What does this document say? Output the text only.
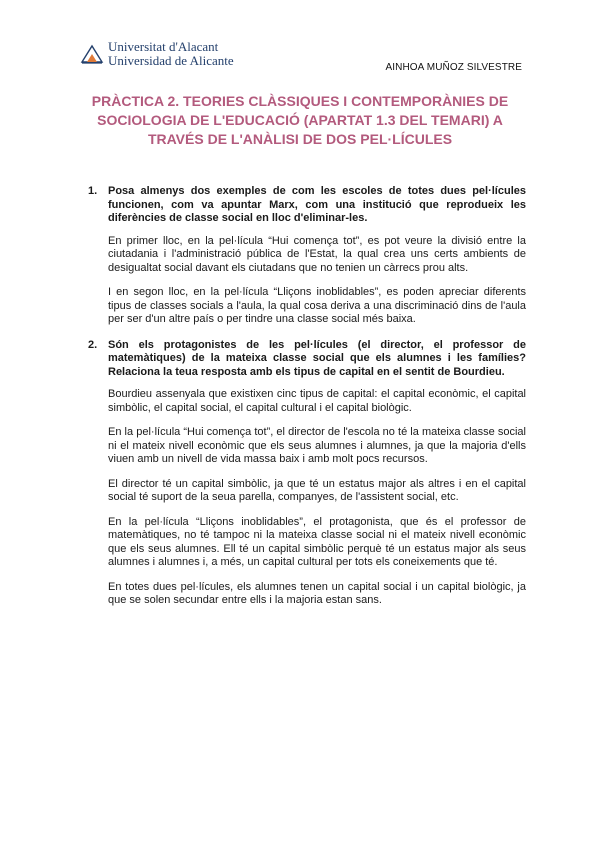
Universitat d'Alacant
Universidad de Alicante	AINHOA MUÑOZ SILVESTRE
PRÀCTICA 2. TEORIES CLÀSSIQUES I CONTEMPORÀNIES DE
SOCIOLOGIA DE L'EDUCACIÓ (APARTAT 1.3 DEL TEMARI) A
TRAVÉS DE L'ANÀLISI DE DOS PEL·LÍCULES
1. Posa almenys dos exemples de com les escoles de totes dues pel·lícules funcionen, com va apuntar Marx, com una institució que reprodueix les diferències de classe social en lloc d'eliminar-les.

En primer lloc, en la pel·lícula “Hui comença tot”, es pot veure la divisió entre la ciutadania i l'administració pública de l'Estat, la qual crea uns certs ambients de desigualtat social davant els ciutadans que no tenien un càrrecs prou alts.

I en segon lloc, en la pel·lícula “Lliçons inoblidables”, es poden apreciar diferents tipus de classes socials a l'aula, la qual cosa deriva a una discriminació dins de l'aula per ser d'un altre país o per tindre una classe social més baixa.

2. Són els protagonistes de les pel·lícules (el director, el professor de matemàtiques) de la mateixa classe social que els alumnes i les famílies? Relaciona la teua resposta amb els tipus de capital en el sentit de Bourdieu.

Bourdieu assenyala que existixen cinc tipus de capital: el capital econòmic, el capital simbòlic, el capital social, el capital cultural i el capital biològic.

En la pel·lícula “Hui comença tot”, el director de l'escola no té la mateixa classe social ni el mateix nivell econòmic que els seus alumnes i alumnes, ja que la majoria d'ells viuen amb un nivell de vida massa baix i amb molt pocs recursos.

El director té un capital simbòlic, ja que té un estatus major als altres i en el capital social té suport de la seua parella, companyes, de l'assistent social, etc.

En la pel·lícula “Lliçons inoblidables”, el protagonista, que és el professor de matemàtiques, no té tampoc ni la mateixa classe social ni el mateix nivell econòmic que els seus alumnes. Ell té un capital simbòlic perquè té un estatus major als seus alumnes i alumnes i, a més, un capital cultural per tots els coneixements que té.

En totes dues pel·lícules, els alumnes tenen un capital social i un capital biològic, ja que se solen secundar entre ells i la majoria estan sans.
